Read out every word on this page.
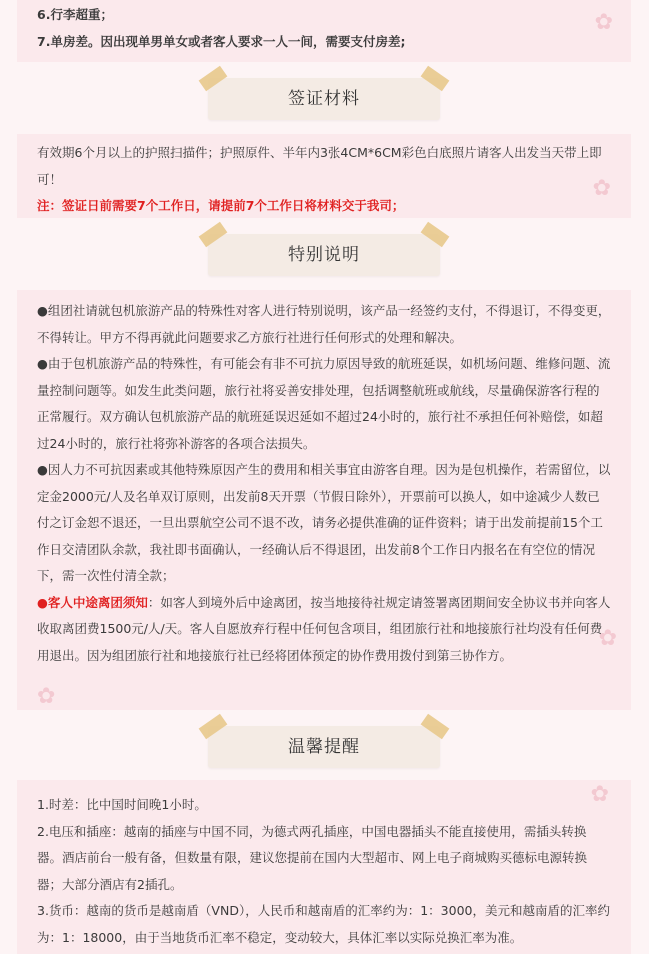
✿

6.行李超重；

7.单房差。因出现单男单女或者客人要求一人一间，需要支付房差;

签证材料
✿

有效期6个月以上的护照扫描件；护照原件、半年内3张4CM*6CM彩色白底照片请客人出发当天带上即可！

注：签证日前需要7个工作日，请提前7个工作日将材料交于我司；

特别说明
✿
✿

●组团社请就包机旅游产品的特殊性对客人进行特别说明，该产品一经签约支付，不得退订，不得变更，不得转让。甲方不得再就此问题要求乙方旅行社进行任何形式的处理和解决。

●由于包机旅游产品的特殊性，有可能会有非不可抗力原因导致的航班延误，如机场问题、维修问题、流量控制问题等。如发生此类问题，旅行社将妥善安排处理，包括调整航班或航线，尽量确保游客行程的正常履行。双方确认包机旅游产品的航班延误迟延如不超过24小时的，旅行社不承担任何补赔偿，如超过24小时的，旅行社将弥补游客的各项合法损失。

●因人力不可抗因素或其他特殊原因产生的费用和相关事宜由游客自理。因为是包机操作，若需留位，以定金2000元/人及名单双订原则，出发前8天开票（节假日除外），开票前可以换人，如中途减少人数已付之订金恕不退还，一旦出票航空公司不退不改，请务必提供准确的证件资料；请于出发前提前15个工作日交清团队余款，我社即书面确认，一经确认后不得退团，出发前8个工作日内报名在有空位的情况下，需一次性付清全款；

●客人中途离团须知：如客人到境外后中途离团，按当地接待社规定请签署离团期间安全协议书并向客人收取离团费1500元/人/天。客人自愿放弃行程中任何包含项目，组团旅行社和地接旅行社均没有任何费用退出。因为组团旅行社和地接旅行社已经将团体预定的协作费用拨付到第三协作方。

温馨提醒
✿

1.时差：比中国时间晚1小时。

2.电压和插座：越南的插座与中国不同，为德式两孔插座，中国电器插头不能直接使用，需插头转换器。酒店前台一般有备，但数量有限，建议您提前在国内大型超市、网上电子商城购买德标电源转换器；大部分酒店有2插孔。

3.货币：越南的货币是越南盾（VND），人民币和越南盾的汇率约为：1：3000，美元和越南盾的汇率约为：1：18000，由于当地货币汇率不稳定，变动较大，具体汇率以实际兑换汇率为准。
